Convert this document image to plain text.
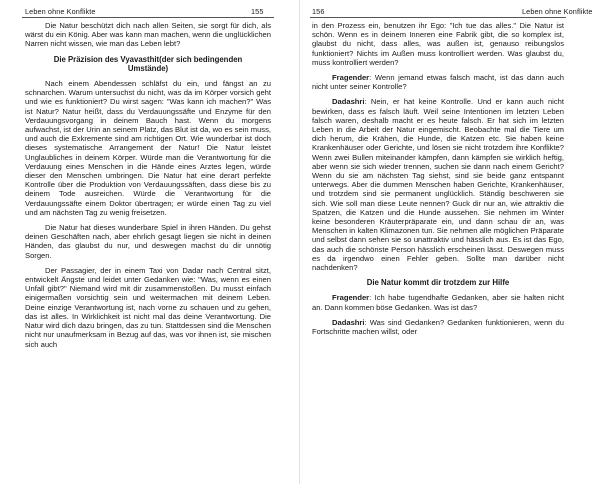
Leben ohne Konflikte	155

Die Natur beschützt dich nach allen Seiten, sie sorgt für dich, als wärst du ein König. Aber was kann man machen, wenn die unglücklichen Narren nicht wissen, wie man das Leben lebt?

Die Präzision des Vyavasthit(der sich bedingenden Umstände)

Nach einem Abendessen schläfst du ein, und fängst an zu schnarchen. Warum untersuchst du nicht, was da im Körper vorsich geht und wie es funktioniert? Du wirst sagen: "Was kann ich machen?" Was ist Natur? Natur heißt, dass du Verdauungssäfte und Enzyme für den Verdauungsvorgang in deinem Bauch hast. Wenn du morgens aufwachst, ist der Urin an seinem Platz, das Blut ist da, wo es sein muss, und auch die Exkremente sind am richtigen Ort. Wie wunderbar ist doch dieses systematische Arrangement der Natur! Die Natur leistet Unglaubliches in deinem Körper. Würde man die Verantwortung für die Verdauung eines Menschen in die Hände eines Arztes legen, würde dieser den Menschen umbringen. Die Natur hat eine derart perfekte Kontrolle über die Produktion von Verdauungssäften, dass diese bis zu deinem Tode ausreichen. Würde die Verantwortung für die Verdauungssäfte einem Doktor übertragen; er würde einen Tag zu viel und am nächsten Tag zu wenig freisetzen.

Die Natur hat dieses wunderbare Spiel in ihren Händen. Du gehst deinen Geschäften nach, aber ehrlich gesagt liegen sie nicht in deinen Händen, das glaubst du nur, und deswegen machst du dir unnötig Sorgen.

Der Passagier, der in einem Taxi von Dadar nach Central sitzt, entwickelt Ängste und leidet unter Gedanken wie: "Was, wenn es einen Unfall gibt?" Niemand wird mit dir zusammenstoßen. Du musst einfach einigermaßen vorsichtig sein und weitermachen mit deinem Leben. Deine einzige Verantwortung ist, nach vorne zu schauen und zu gehen, das ist alles. In Wirklichkeit ist nicht mal das deine Verantwortung. Die Natur wird dich dazu bringen, das zu tun. Stattdessen sind die Menschen nicht nur unaufmerksam in Bezug auf das, was vor ihnen ist, sie mischen sich auch

156	Leben ohne Konflikte

in den Prozess ein, benutzen ihr Ego: "Ich tue das alles." Die Natur ist schön. Wenn es in deinem Inneren eine Fabrik gibt, die so komplex ist, glaubst du nicht, dass alles, was außen ist, genauso reibungslos funktioniert? Nichts im Außen muss kontrolliert werden. Was glaubst du, muss kontrolliert werden?

Fragender: Wenn jemand etwas falsch macht, ist das dann auch nicht unter seiner Kontrolle?

Dadashri: Nein, er hat keine Kontrolle. Und er kann auch nicht bewirken, dass es falsch läuft. Weil seine Intentionen im letzten Leben falsch waren, deshalb macht er es heute falsch. Er hat sich im letzten Leben in die Arbeit der Natur eingemischt. Beobachte mal die Tiere um dich herum, die Krähen, die Hunde, die Katzen etc. Sie haben keine Krankenhäuser oder Gerichte, und lösen sie nicht trotzdem ihre Konflikte? Wenn zwei Bullen miteinander kämpfen, dann kämpfen sie wirklich heftig, aber wenn sie sich wieder trennen, suchen sie dann nach einem Gericht? Wenn du sie am nächsten Tag siehst, sind sie beide ganz entspannt unterwegs. Aber die dummen Menschen haben Gerichte, Krankenhäuser, und trotzdem sind sie permanent unglücklich. Ständig beschweren sie sich. Wie soll man diese Leute nennen? Guck dir nur an, wie attraktiv die Spatzen, die Katzen und die Hunde aussehen. Sie nehmen im Winter keine besonderen Kräuterpräparate ein, und dann schau dir an, was Menschen in kalten Klimazonen tun. Sie nehmen alle möglichen Präparate und selbst dann sehen sie so unattraktiv und hässlich aus. Es ist das Ego, das auch die schönste Person hässlich erscheinen lässt. Deswegen muss es da irgendwo einen Fehler geben. Sollte man darüber nicht nachdenken?

Die Natur kommt dir trotzdem zur Hilfe

Fragender: Ich habe tugendhafte Gedanken, aber sie halten nicht an. Dann kommen böse Gedanken. Was ist das?

Dadashri: Was sind Gedanken? Gedanken funktionieren, wenn du Fortschritte machen willst, oder
